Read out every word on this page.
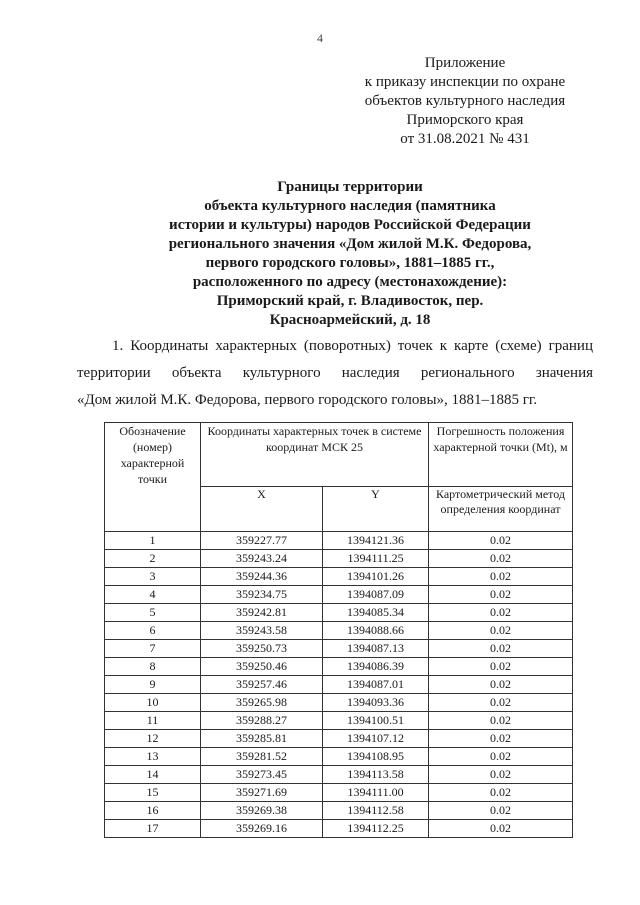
4
Приложение
к приказу инспекции по охране
объектов культурного наследия
Приморского края
от 31.08.2021 № 431
Границы территории
объекта культурного наследия (памятника
истории и культуры) народов Российской Федерации
регионального значения «Дом жилой М.К. Федорова,
первого городского головы», 1881–1885 гг.,
расположенного по адресу (местонахождение):
Приморский край, г. Владивосток, пер.
Красноармейский, д. 18
1. Координаты характерных (поворотных) точек к карте (схеме) границ
территории объекта культурного наследия регионального значения
«Дом жилой М.К. Федорова, первого городского головы», 1881–1885 гг.
Обозначение (номер) характерной точки	Координаты характерных точек в системе координат МСК 25		Погрешность положения характерной точки (Mt), м
	X	Y	Картометрический метод определения координат
1	359227.77	1394121.36	0.02
2	359243.24	1394111.25	0.02
3	359244.36	1394101.26	0.02
4	359234.75	1394087.09	0.02
5	359242.81	1394085.34	0.02
6	359243.58	1394088.66	0.02
7	359250.73	1394087.13	0.02
8	359250.46	1394086.39	0.02
9	359257.46	1394087.01	0.02
10	359265.98	1394093.36	0.02
11	359288.27	1394100.51	0.02
12	359285.81	1394107.12	0.02
13	359281.52	1394108.95	0.02
14	359273.45	1394113.58	0.02
15	359271.69	1394111.00	0.02
16	359269.38	1394112.58	0.02
17	359269.16	1394112.25	0.02
